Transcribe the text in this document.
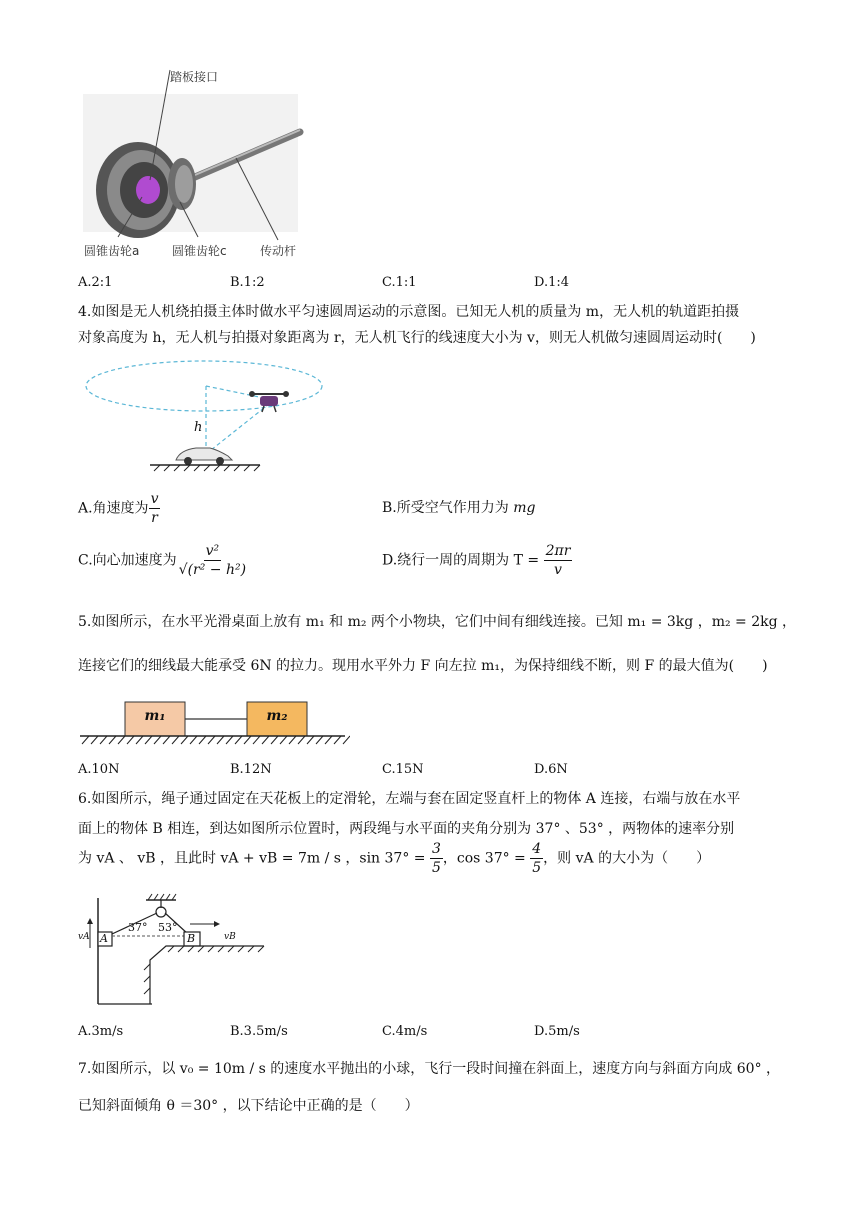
踏板接口
圆锥齿轮a	圆锥齿轮c	传动杆
A.2:1	B.1:2	C.1:1	D.1:4
4.如图是无人机绕拍摄主体时做水平匀速圆周运动的示意图。已知无人机的质量为 m，无人机的轨道距拍摄
对象高度为 h，无人机与拍摄对象距离为 r，无人机飞行的线速度大小为 v，则无人机做匀速圆周运动时(　　)
h
A.角速度为 $\frac{v}{r}$	B.所受空气作用力为 mg
C.向心加速度为 $\frac{\text{v²}}{\text{√(r² − h²)}}$	D.绕行一周的周期为 $T = \frac{2\pi r}{v}$
5.如图所示，在水平光滑桌面上放有 m₁ 和 m₂ 两个小物块，它们中间有细线连接。已知 m₁ = 3kg ，m₂ = 2kg ，
连接它们的细线最大能承受 6N 的拉力。现用水平外力 F 向左拉 m₁，为保持细线不断，则 F 的最大值为(　　)
m₁	m₂
A.10N	B.12N	C.15N	D.6N
6.如图所示，绳子通过固定在天花板上的定滑轮，左端与套在固定竖直杆上的物体 A 连接，右端与放在水平
面上的物体 B 相连，到达如图所示位置时，两段绳与水平面的夹角分别为 37° 、53° ，两物体的速率分别
为 vA 、 vB ，且此时 vA + vB = 7m / s ，$\sin 37^\circ = \frac{3}{5}$ ，$\cos 37^\circ = \frac{4}{5}$ ，则 vA 的大小为（　　）
A	B
vA	vB
37° 53°
A.3m/s	B.3.5m/s	C.4m/s	D.5m/s
7.如图所示，以 v₀ = 10m / s 的速度水平抛出的小球，飞行一段时间撞在斜面上，速度方向与斜面方向成 60° ，
已知斜面倾角 θ ＝30° ，以下结论中正确的是（　　）
